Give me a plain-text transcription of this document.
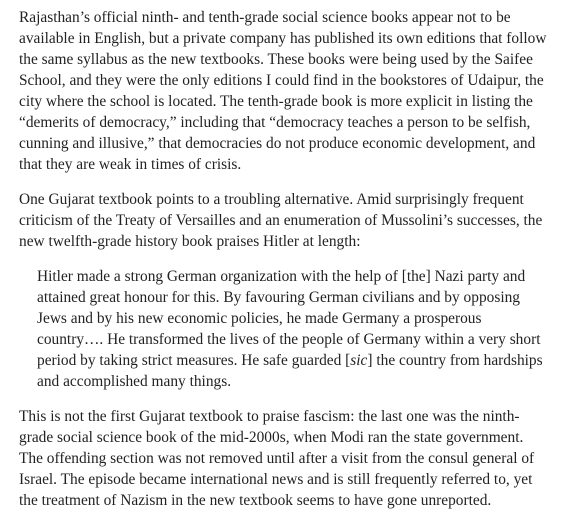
Rajasthan’s official ninth- and tenth-grade social science books appear not to be available in English, but a private company has published its own editions that follow the same syllabus as the new textbooks. These books were being used by the Saifee School, and they were the only editions I could find in the bookstores of Udaipur, the city where the school is located. The tenth-grade book is more explicit in listing the “demerits of democracy,” including that “democracy teaches a person to be selfish, cunning and illusive,” that democracies do not produce economic development, and that they are weak in times of crisis.

One Gujarat textbook points to a troubling alternative. Amid surprisingly frequent criticism of the Treaty of Versailles and an enumeration of Mussolini’s successes, the new twelfth-grade history book praises Hitler at length:

Hitler made a strong German organization with the help of [the] Nazi party and attained great honour for this. By favouring German civilians and by opposing Jews and by his new economic policies, he made Germany a prosperous country…. He transformed the lives of the people of Germany within a very short period by taking strict measures. He safe guarded [sic] the country from hardships and accomplished many things.

This is not the first Gujarat textbook to praise fascism: the last one was the ninth-grade social science book of the mid-2000s, when Modi ran the state government. The offending section was not removed until after a visit from the consul general of Israel. The episode became international news and is still frequently referred to, yet the treatment of Nazism in the new textbook seems to have gone unreported.
